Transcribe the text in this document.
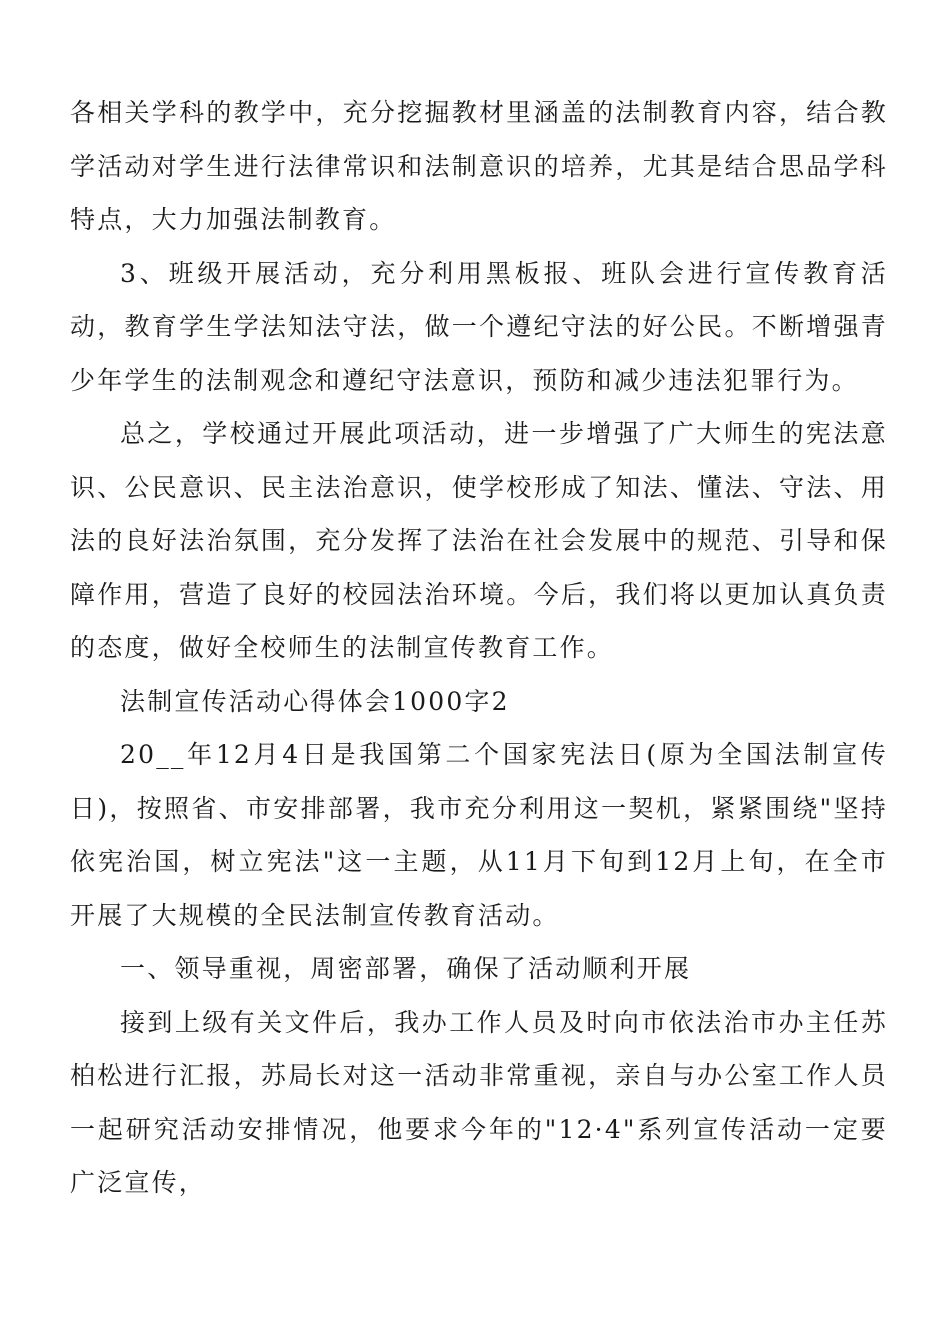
各相关学科的教学中，充分挖掘教材里涵盖的法制教育内容，结合教学活动对学生进行法律常识和法制意识的培养，尤其是结合思品学科特点，大力加强法制教育。

3、班级开展活动，充分利用黑板报、班队会进行宣传教育活动，教育学生学法知法守法，做一个遵纪守法的好公民。不断增强青少年学生的法制观念和遵纪守法意识，预防和减少违法犯罪行为。

总之，学校通过开展此项活动，进一步增强了广大师生的宪法意识、公民意识、民主法治意识，使学校形成了知法、懂法、守法、用法的良好法治氛围，充分发挥了法治在社会发展中的规范、引导和保障作用，营造了良好的校园法治环境。今后，我们将以更加认真负责的态度，做好全校师生的法制宣传教育工作。

法制宣传活动心得体会1000字2

20__年12月4日是我国第二个国家宪法日(原为全国法制宣传日)，按照省、市安排部署，我市充分利用这一契机，紧紧围绕"坚持依宪治国，树立宪法"这一主题，从11月下旬到12月上旬，在全市开展了大规模的全民法制宣传教育活动。

一、领导重视，周密部署，确保了活动顺利开展

接到上级有关文件后，我办工作人员及时向市依法治市办主任苏柏松进行汇报，苏局长对这一活动非常重视，亲自与办公室工作人员一起研究活动安排情况，他要求今年的"12·4"系列宣传活动一定要广泛宣传，
